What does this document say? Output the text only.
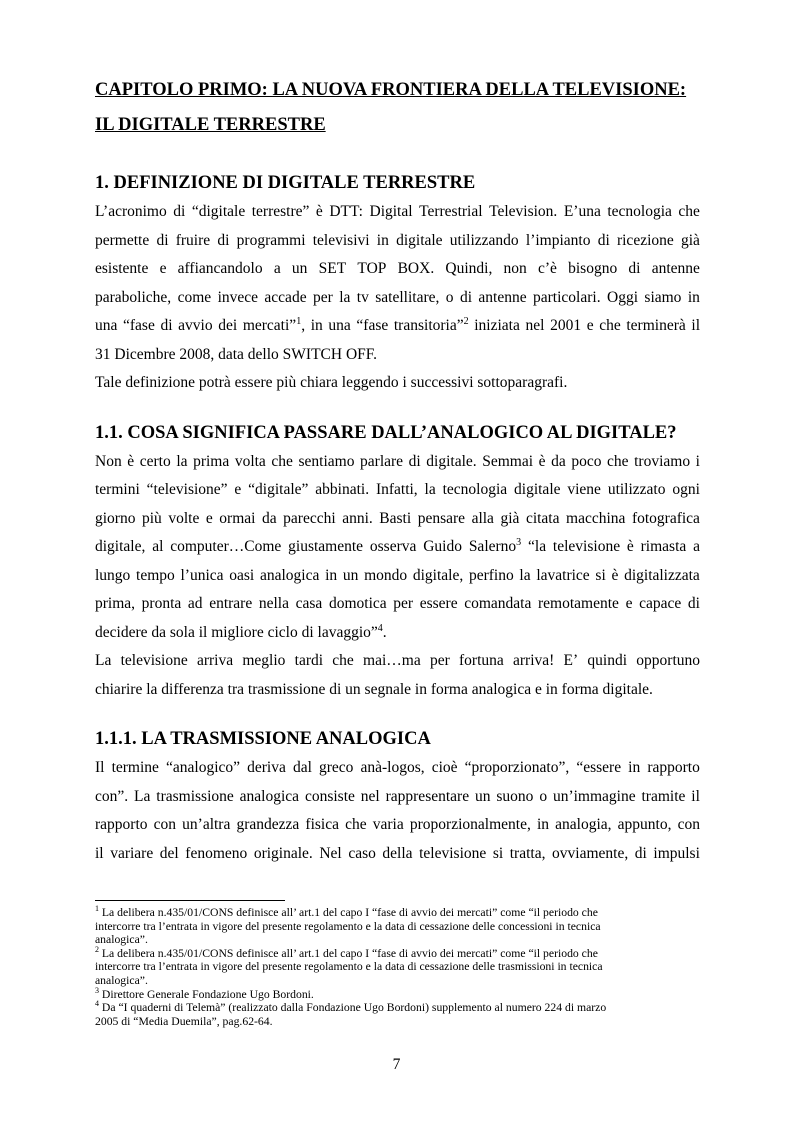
CAPITOLO PRIMO: LA NUOVA FRONTIERA DELLA TELEVISIONE:

IL DIGITALE TERRESTRE

1. DEFINIZIONE DI DIGITALE TERRESTRE

L’acronimo di “digitale terrestre” è DTT: Digital Terrestrial Television. E’una tecnologia che
permette di fruire di programmi televisivi in digitale utilizzando l’impianto di ricezione già
esistente e affiancandolo a un SET TOP BOX. Quindi, non c’è bisogno di antenne
paraboliche, come invece accade per la tv satellitare, o di antenne particolari. Oggi siamo in
una “fase di avvio dei mercati”$^1$, in una “fase transitoria”$^2$ iniziata nel 2001 e che terminerà il
31 Dicembre 2008, data dello SWITCH OFF.
Tale definizione potrà essere più chiara leggendo i successivi sottoparagrafi.

1.1. COSA SIGNIFICA PASSARE DALL’ANALOGICO AL DIGITALE?

Non è certo la prima volta che sentiamo parlare di digitale. Semmai è da poco che troviamo i
termini “televisione” e “digitale” abbinati. Infatti, la tecnologia digitale viene utilizzato ogni
giorno più volte e ormai da parecchi anni. Basti pensare alla già citata macchina fotografica
digitale, al computer…Come giustamente osserva Guido Salerno$^3$ “la televisione è rimasta a
lungo tempo l’unica oasi analogica in un mondo digitale, perfino la lavatrice si è digitalizzata
prima, pronta ad entrare nella casa domotica per essere comandata remotamente e capace di
decidere da sola il migliore ciclo di lavaggio”$^4$.
La televisione arriva meglio tardi che mai…ma per fortuna arriva! E’ quindi opportuno
chiarire la differenza tra trasmissione di un segnale in forma analogica e in forma digitale.

1.1.1. LA TRASMISSIONE ANALOGICA

Il termine “analogico” deriva dal greco anà-logos, cioè “proporzionato”, “essere in rapporto
con”. La trasmissione analogica consiste nel rappresentare un suono o un’immagine tramite il
rapporto con un’altra grandezza fisica che varia proporzionalmente, in analogia, appunto, con
il variare del fenomeno originale. Nel caso della televisione si tratta, ovviamente, di impulsi
$^1$ La delibera n.435/01/CONS definisce all’ art.1 del capo I “fase di avvio dei mercati” come “il periodo che
intercorre tra l’entrata in vigore del presente regolamento e la data di cessazione delle concessioni in tecnica
analogica”.
$^2$ La delibera n.435/01/CONS definisce all’ art.1 del capo I “fase di avvio dei mercati” come “il periodo che
intercorre tra l’entrata in vigore del presente regolamento e la data di cessazione delle trasmissioni in tecnica
analogica”.
$^3$ Direttore Generale Fondazione Ugo Bordoni.
$^4$ Da “I quaderni di Telemà” (realizzato dalla Fondazione Ugo Bordoni) supplemento al numero 224 di marzo
2005 di “Media Duemila”, pag.62-64.
7
